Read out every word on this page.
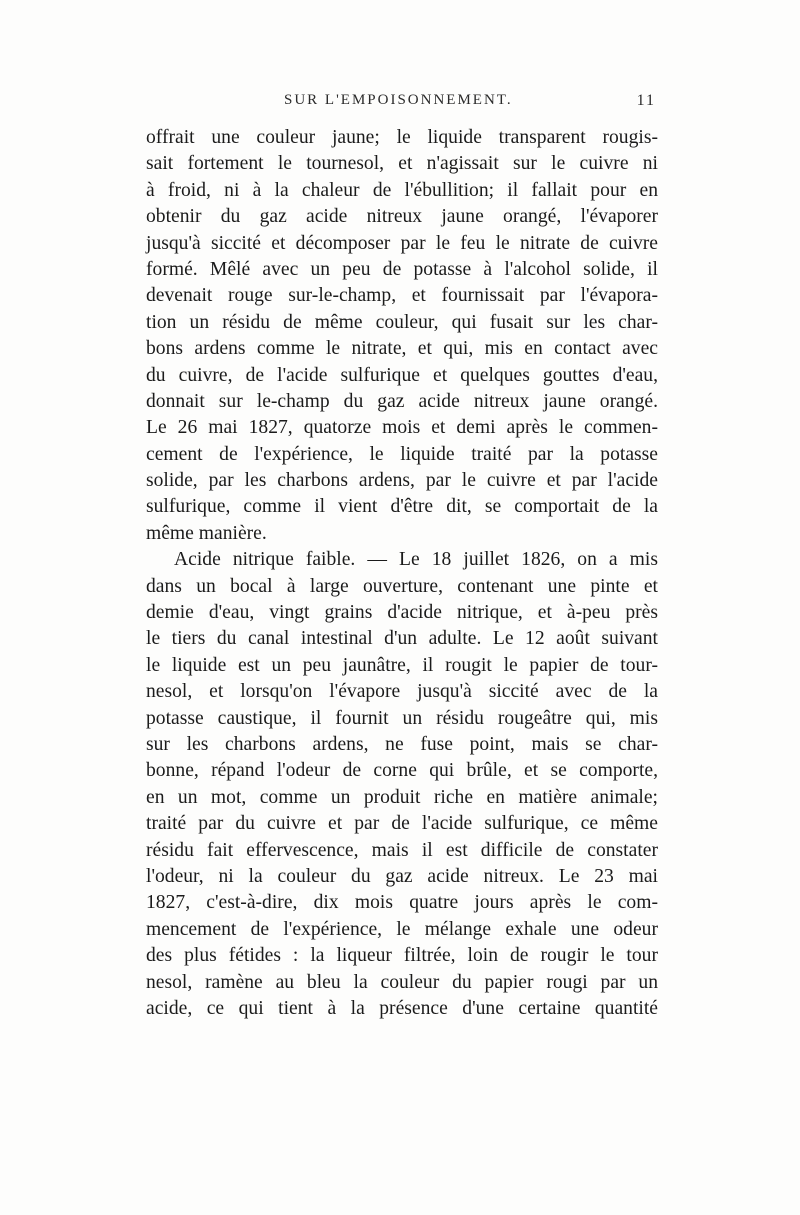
SUR L'EMPOISONNEMENT.	11
offrait une couleur jaune; le liquide transparent rougis-
sait fortement le tournesol, et n'agissait sur le cuivre ni
à froid, ni à la chaleur de l'ébullition; il fallait pour en
obtenir du gaz acide nitreux jaune orangé, l'évaporer
jusqu'à siccité et décomposer par le feu le nitrate de cuivre
formé. Mêlé avec un peu de potasse à l'alcohol solide, il
devenait rouge sur-le-champ, et fournissait par l'évapora-
tion un résidu de même couleur, qui fusait sur les char-
bons ardens comme le nitrate, et qui, mis en contact avec
du cuivre, de l'acide sulfurique et quelques gouttes d'eau,
donnait sur le-champ du gaz acide nitreux jaune orangé.
Le 26 mai 1827, quatorze mois et demi après le commen-
cement de l'expérience, le liquide traité par la potasse
solide, par les charbons ardens, par le cuivre et par l'acide
sulfurique, comme il vient d'être dit, se comportait de la
même manière.
Acide nitrique faible. — Le 18 juillet 1826, on a mis
dans un bocal à large ouverture, contenant une pinte et
demie d'eau, vingt grains d'acide nitrique, et à-peu près
le tiers du canal intestinal d'un adulte. Le 12 août suivant
le liquide est un peu jaunâtre, il rougit le papier de tour-
nesol, et lorsqu'on l'évapore jusqu'à siccité avec de la
potasse caustique, il fournit un résidu rougeâtre qui, mis
sur les charbons ardens, ne fuse point, mais se char-
bonne, répand l'odeur de corne qui brûle, et se comporte,
en un mot, comme un produit riche en matière animale;
traité par du cuivre et par de l'acide sulfurique, ce même
résidu fait effervescence, mais il est difficile de constater
l'odeur, ni la couleur du gaz acide nitreux. Le 23 mai
1827, c'est-à-dire, dix mois quatre jours après le com-
mencement de l'expérience, le mélange exhale une odeur
des plus fétides : la liqueur filtrée, loin de rougir le tour
nesol, ramène au bleu la couleur du papier rougi par un
acide, ce qui tient à la présence d'une certaine quantité
